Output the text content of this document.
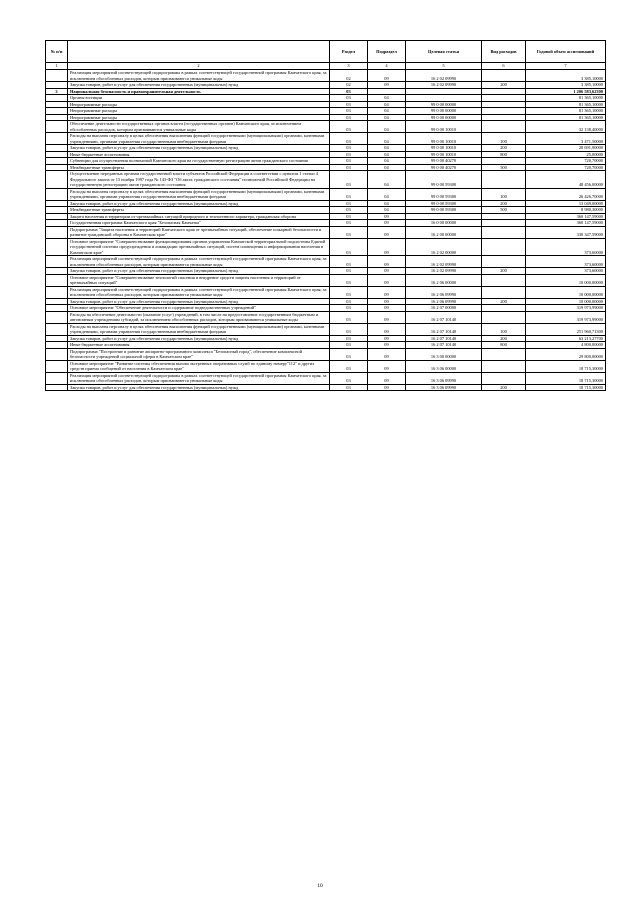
№ п/п		Раздел	Подраздел	Целевая статья	Вид расходов	Годовой объем ассигнований
1	2	3	4	5	6	7
	Реализация мероприятий соответствующей подпрограммы в рамках соответствующей государственной программы Камчатского края, за исключением обособленных расходов, которым присваиваются уникальные коды	02	09	16 2 02 09990		3 385,10000
	Закупка товаров, работ и услуг для обеспечения государственных (муниципальных) нужд	02	09	16 2 02 09990	200	3 385,10000
3	Национальная безопасность и правоохранительная деятельность	03				1 206 583,62300
	Органы юстиции	03	04			81 365,10000
	Непрограммные расходы	03	04	99 0 00 00000		81 365,10000
	Непрограммные расходы	03	04	99 0 00 00000		81 365,10000
	Непрограммные расходы	03	04	99 0 00 00000		81 365,10000
	Обеспечение деятельности государственных органов власти (государственных органов) Камчатского края, за исключением обособленных расходов, которым присваиваются уникальные коды	03	04	99 0 00 10010		32 138,40000
	Расходы на выплаты персоналу в целях обеспечения выполнения функций государственными (муниципальными) органами, казенными учреждениями, органами управления государственными внебюджетными фондами	03	04	99 0 00 10010	100	3 471,50000
	Закупка товаров, работ и услуг для обеспечения государственных (муниципальных) нужд	03	04	99 0 00 10010	200	28 691,90000
	Иные бюджетные ассигнования	03	04	99 0 00 10010	800	25,00000
	Субвенции для осуществления полномочий Камчатского края на государственную регистрацию актов гражданского состояния	03	04	99 0 00 40270		720,70000
	Межбюджетные трансферты	03	04	99 0 00 40270	500	720,70000
	Осуществление переданных органам государственной власти субъектов Российской Федерации в соответствии с пунктом 1 статьи 4 Федерального закона от 15 ноября 1997 года № 143-ФЗ "Об актах гражданского состояния" полномочий Российской Федерации на государственную регистрацию актов гражданского состояния	03	04	99 0 00 59300		48 456,00000
	Расходы на выплаты персоналу в целях обеспечения выполнения функций государственными (муниципальными) органами, казенными учреждениями, органами управления государственными внебюджетными фондами	03	04	99 0 00 59300	100	26 426,70000
	Закупка товаров, работ и услуг для обеспечения государственных (муниципальных) нужд	03	04	99 0 00 59300	200	13 049,00000
	Межбюджетные трансферты	03	04	99 0 00 59300	500	8 980,30000
	Защита населения и территории от чрезвычайных ситуаций природного и техногенного характера, гражданская оборона	03	09			360 147,59000
	Государственная программа Камчатского края "Безопасная Камчатка"	03	09	16 0 00 00000		360 147,59000
	Подпрограмма "Защита населения и территорий Камчатского края от чрезвычайных ситуаций, обеспечение пожарной безопасности и развитие гражданской обороны в Камчатском крае"	03	09	16 2 00 00000		330 347,59000
	Основное мероприятие "Совершенствование функционирования органов управления Камчатской территориальной подсистемы Единой государственной системы предупреждения и ликвидации чрезвычайных ситуаций, систем оповещения и информирования населения в Камчатском крае"	03	09	16 2 02 00000		373,60000
	Реализация мероприятий соответствующей подпрограммы в рамках соответствующей государственной программы Камчатского края, за исключением обособленных расходов, которым присваиваются уникальные коды	03	09	16 2 02 09990		373,60000
	Закупка товаров, работ и услуг для обеспечения государственных (муниципальных) нужд	03	09	16 2 02 09990	200	373,60000
	Основное мероприятие "Совершенствование технологий спасения и внедрение средств защиты населения и территорий от чрезвычайных ситуаций"	03	09	16 2 06 00000		10 000,00000
	Реализация мероприятий соответствующей подпрограммы в рамках соответствующей государственной программы Камчатского края, за исключением обособленных расходов, которым присваиваются уникальные коды	03	09	16 2 06 09990		10 000,00000
	Закупка товаров, работ и услуг для обеспечения государственных (муниципальных) нужд	03	09	16 2 06 09990	200	10 000,00000
	Основное мероприятие "Обеспечение деятельности и содержание подведомственных учреждений"	03	09	16 2 07 00000		319 973,99000
	Расходы на обеспечение деятельности (оказание услуг) учреждений, в том числе на предоставление государственным бюджетным и автономным учреждениям субсидий, за исключением обособленных расходов, которым присваиваются уникальные коды	03	09	16 2 07 10140		319 973,99000
	Расходы на выплаты персоналу в целях обеспечения выполнения функций государственными (муниципальными) органами, казенными учреждениями, органами управления государственными внебюджетными фондами	03	09	16 2 07 10140	100	251 960,71300
	Закупка товаров, работ и услуг для обеспечения государственных (муниципальных) нужд	03	09	16 2 07 10140	200	63 213,27700
	Иные бюджетные ассигнования	03	09	16 2 07 10140	800	4 800,00000
	Подпрограмма "Построение и развитие аппаратно-программного комплекса "Безопасный город", обеспечение комплексной безопасности учреждений социальной сферы в Камчатском крае"	03	09	16 3 00 00000		29 800,00000
	Основное мероприятие "Развитие системы обеспечения вызова экстренных оперативных служб по единому номеру"112" и других средств приема сообщений от населения в Камчатском крае"	03	09	16 3 06 00000		18 715,30000
	Реализация мероприятий соответствующей подпрограммы в рамках соответствующей государственной программы Камчатского края, за исключением обособленных расходов, которым присваиваются уникальные коды	03	09	16 3 06 09990		18 715,30000
	Закупка товаров, работ и услуг для обеспечения государственных (муниципальных) нужд	03	09	16 3 06 09990	200	18 715,30000
10
